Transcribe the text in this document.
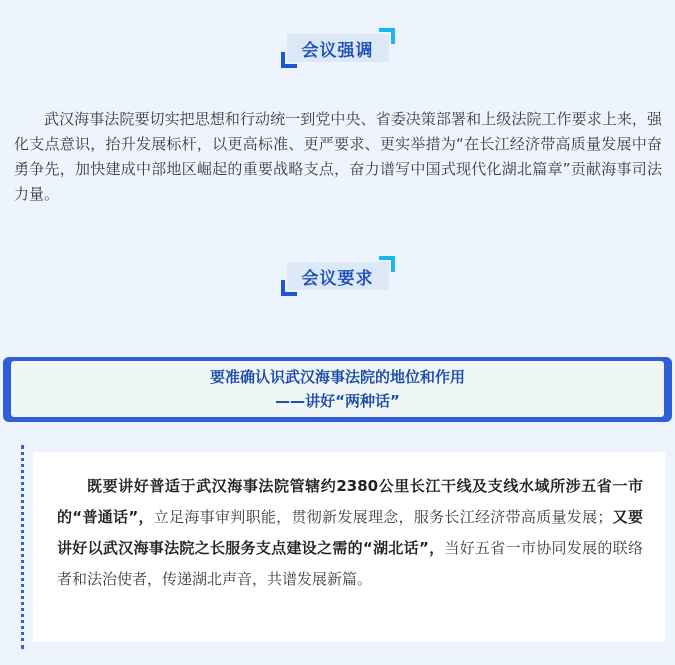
会议强调
武汉海事法院要切实把思想和行动统一到党中央、省委决策部署和上级法院工作要求上来，强化支点意识，抬升发展标杆，以更高标准、更严要求、更实举措为“在长江经济带高质量发展中奋勇争先，加快建成中部地区崛起的重要战略支点，奋力谱写中国式现代化湖北篇章”贡献海事司法力量。
会议要求
要准确认识武汉海事法院的地位和作用
——讲好“两种话”
既要讲好普适于武汉海事法院管辖约2380公里长江干线及支线水域所涉五省一市的“普通话”，立足海事审判职能，贯彻新发展理念，服务长江经济带高质量发展；又要讲好以武汉海事法院之长服务支点建设之需的“湖北话”，当好五省一市协同发展的联络者和法治使者，传递湖北声音，共谱发展新篇。
